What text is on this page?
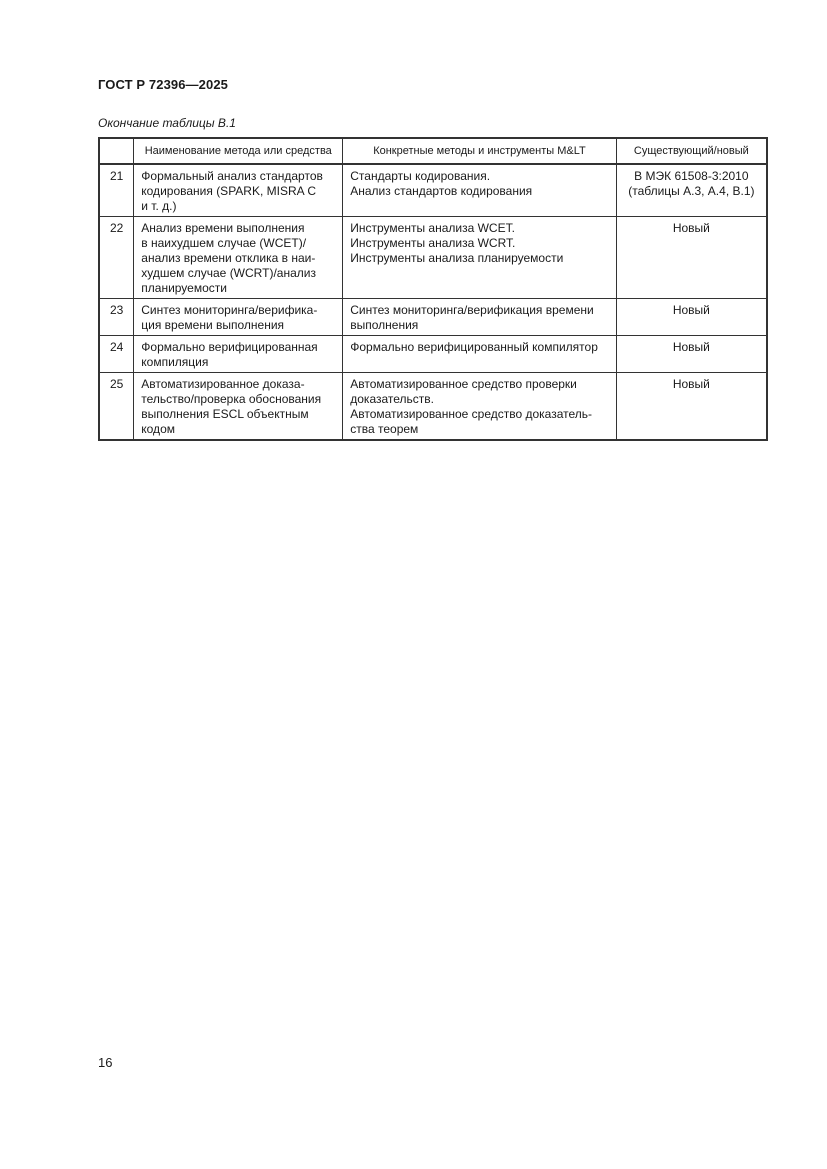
ГОСТ Р 72396—2025
Окончание таблицы В.1
	Наименование метода или средства	Конкретные методы и инструменты M&LT	Существующий/новый
21	Формальный анализ стандартов
кодирования (SPARK, MISRA C
и т. д.)	Стандарты кодирования.
Анализ стандартов кодирования	В МЭК 61508-3:2010
(таблицы А.3, А.4, В.1)

22	Анализ времени выполнения
в наихудшем случае (WCET)/
анализ времени отклика в наи-
худшем случае (WCRT)/анализ
планируемости	Инструменты анализа WCET.
Инструменты анализа WCRT.
Инструменты анализа планируемости	Новый

23	Синтез мониторинга/верифика-
ция времени выполнения	Синтез мониторинга/верификация времени
выполнения	Новый

24	Формально верифицированная
компиляция	Формально верифицированный компилятор	Новый

25	Автоматизированное доказа-
тельство/проверка обоснования
выполнения ESCL объектным
кодом	Автоматизированное средство проверки
доказательств.
Автоматизированное средство доказатель-
ства теорем	Новый
16
